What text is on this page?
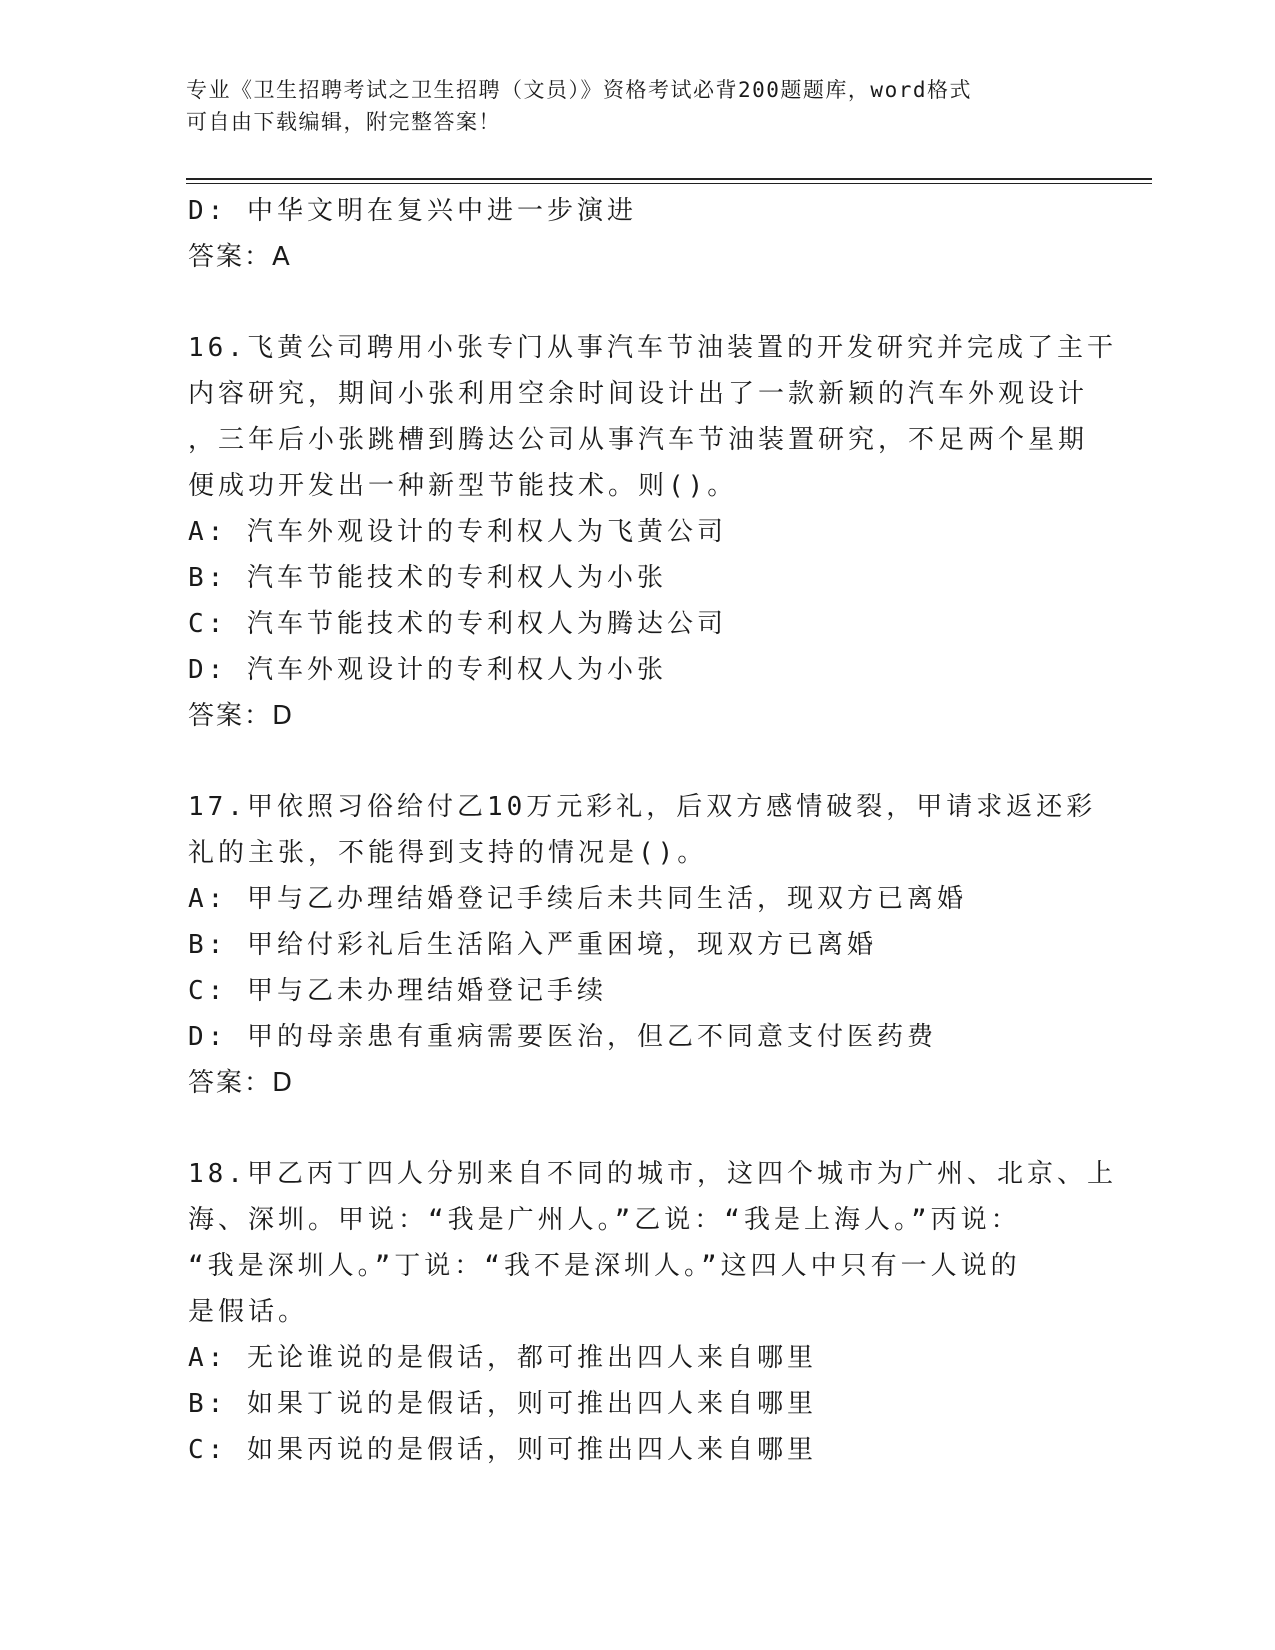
专业《卫生招聘考试之卫生招聘（文员）》资格考试必背200题题库，word格式
可自由下载编辑，附完整答案！
D: 中华文明在复兴中进一步演进
答案：A
16.飞黄公司聘用小张专门从事汽车节油装置的开发研究并完成了主干
内容研究，期间小张利用空余时间设计出了一款新颖的汽车外观设计
，三年后小张跳槽到腾达公司从事汽车节油装置研究，不足两个星期
便成功开发出一种新型节能技术。则()。
A: 汽车外观设计的专利权人为飞黄公司
B: 汽车节能技术的专利权人为小张
C: 汽车节能技术的专利权人为腾达公司
D: 汽车外观设计的专利权人为小张
答案：D
17.甲依照习俗给付乙10万元彩礼，后双方感情破裂，甲请求返还彩
礼的主张，不能得到支持的情况是()。
A: 甲与乙办理结婚登记手续后未共同生活，现双方已离婚
B: 甲给付彩礼后生活陷入严重困境，现双方已离婚
C: 甲与乙未办理结婚登记手续
D: 甲的母亲患有重病需要医治，但乙不同意支付医药费
答案：D
18.甲乙丙丁四人分别来自不同的城市，这四个城市为广州、北京、上
海、深圳。甲说：“我是广州人。”乙说：“我是上海人。”丙说：
“我是深圳人。”丁说：“我不是深圳人。”这四人中只有一人说的
是假话。
A: 无论谁说的是假话，都可推出四人来自哪里
B: 如果丁说的是假话，则可推出四人来自哪里
C: 如果丙说的是假话，则可推出四人来自哪里
